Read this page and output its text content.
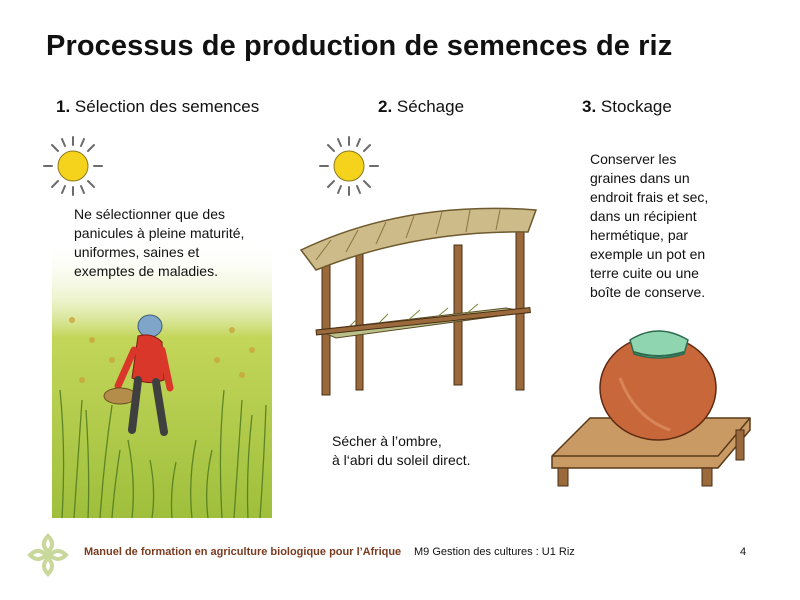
Processus de production de semences de riz
1. Sélection des semences	2. Séchage	3. Stockage
Ne sélectionner que des
panicules à pleine maturité,
uniformes, saines et
exemptes de maladies.
Sécher à l’ombre,
à l‘abri du soleil direct.
Conserver les
graines dans un
endroit frais et sec,
dans un récipient
hermétique, par
exemple un pot en
terre cuite ou une
boîte de conserve.
Manuel de formation en agriculture biologique pour l’Afrique M9 Gestion des cultures : U1 Riz	4
